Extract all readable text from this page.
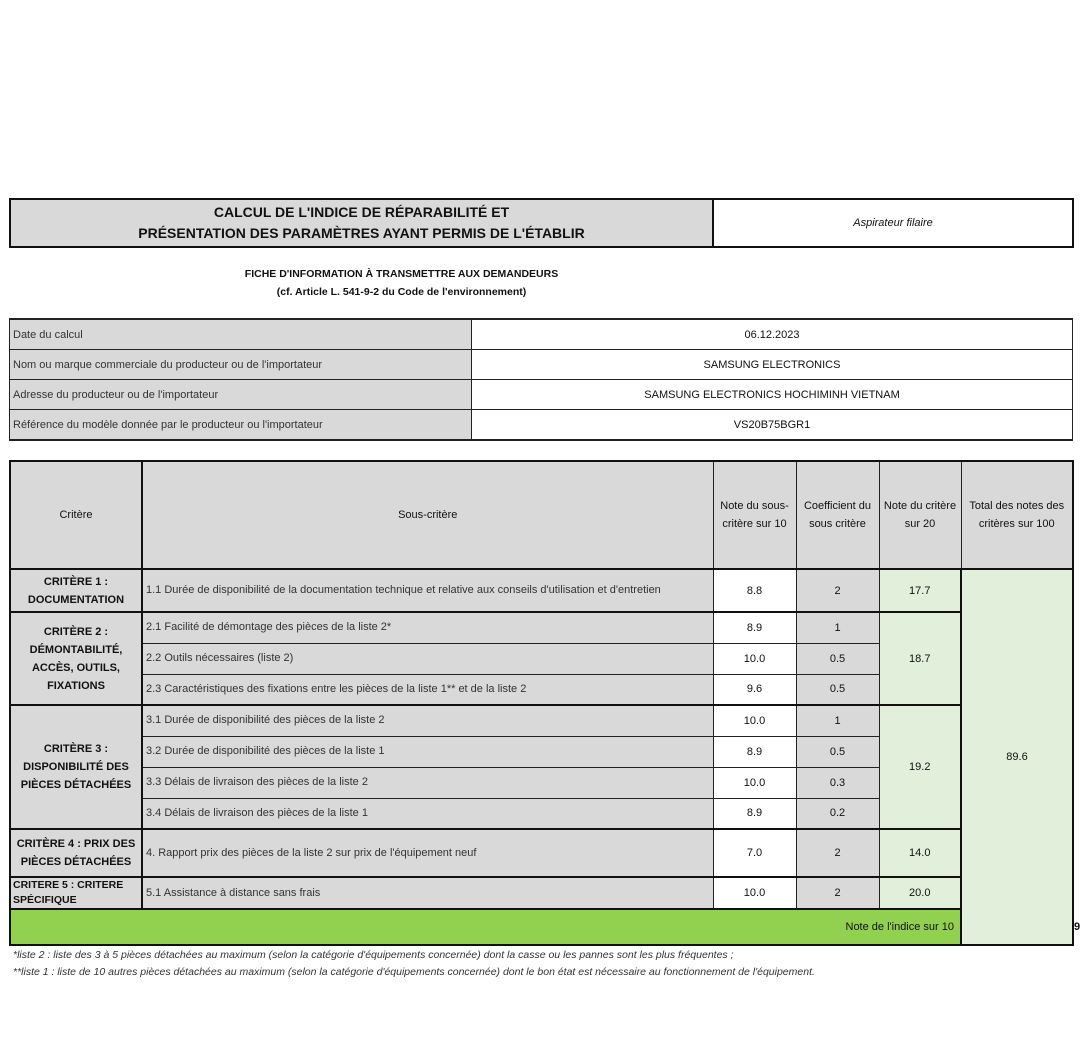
CALCUL DE L'INDICE DE RÉPARABILITÉ ET
PRÉSENTATION DES PARAMÈTRES AYANT PERMIS DE L'ÉTABLIR
	Aspirateur filaire
FICHE D'INFORMATION À TRANSMETTRE AUX DEMANDEURS
(cf. Article L. 541-9-2 du Code de l'environnement)
Date du calcul	06.12.2023
Nom ou marque commerciale du producteur ou de l'importateur	SAMSUNG ELECTRONICS
Adresse du producteur ou de l'importateur	SAMSUNG ELECTRONICS HOCHIMINH VIETNAM
Référence du modèle donnée par le producteur ou l'importateur	VS20B75BGR1
Critère	Sous-critère	Note du sous-critère sur 10	Coefficient du sous critère	Note du critère sur 20	Total des notes des critères sur 100	
CRITÈRE 1 : DOCUMENTATION	1.1 Durée de disponibilité de la documentation technique et relative aux conseils d'utilisation et d'entretien	8.8	2	17.7	89.6	
CRITÈRE 2 : DÉMONTABILITÉ, ACCÈS, OUTILS, FIXATIONS	2.1 Facilité de démontage des pièces de la liste 2*	8.9	1	18.7		
	2.2 Outils nécessaires (liste 2)	10.0	0.5			
	2.3 Caractéristiques des fixations entre les pièces de la liste 1** et de la liste 2	9.6	0.5			
CRITÈRE 3 : DISPONIBILITÉ DES PIÈCES DÉTACHÉES	3.1 Durée de disponibilité des pièces de la liste 2	10.0	1	19.2		
	3.2 Durée de disponibilité des pièces de la liste 1	8.9	0.5			
	3.3 Délais de livraison des pièces de la liste 2	10.0	0.3			
	3.4 Délais de livraison des pièces de la liste 1	8.9	0.2			
CRITÈRE 4 : PRIX DES PIÈCES DÉTACHÉES	4. Rapport prix des pièces de la liste 2 sur prix de l'équipement neuf	7.0	2	14.0		
CRITERE 5 : CRITERE SPÉCIFIQUE	5.1 Assistance à distance sans frais	10.0	2	20.0		
Note de l'indice sur 10						9
*liste 2 : liste des 3 à 5 pièces détachées au maximum (selon la catégorie d'équipements concernée) dont la casse ou les pannes sont les plus fréquentes ;
**liste 1 : liste de 10 autres pièces détachées au maximum (selon la catégorie d'équipements concernée) dont le bon état est nécessaire au fonctionnement de l'équipement.
